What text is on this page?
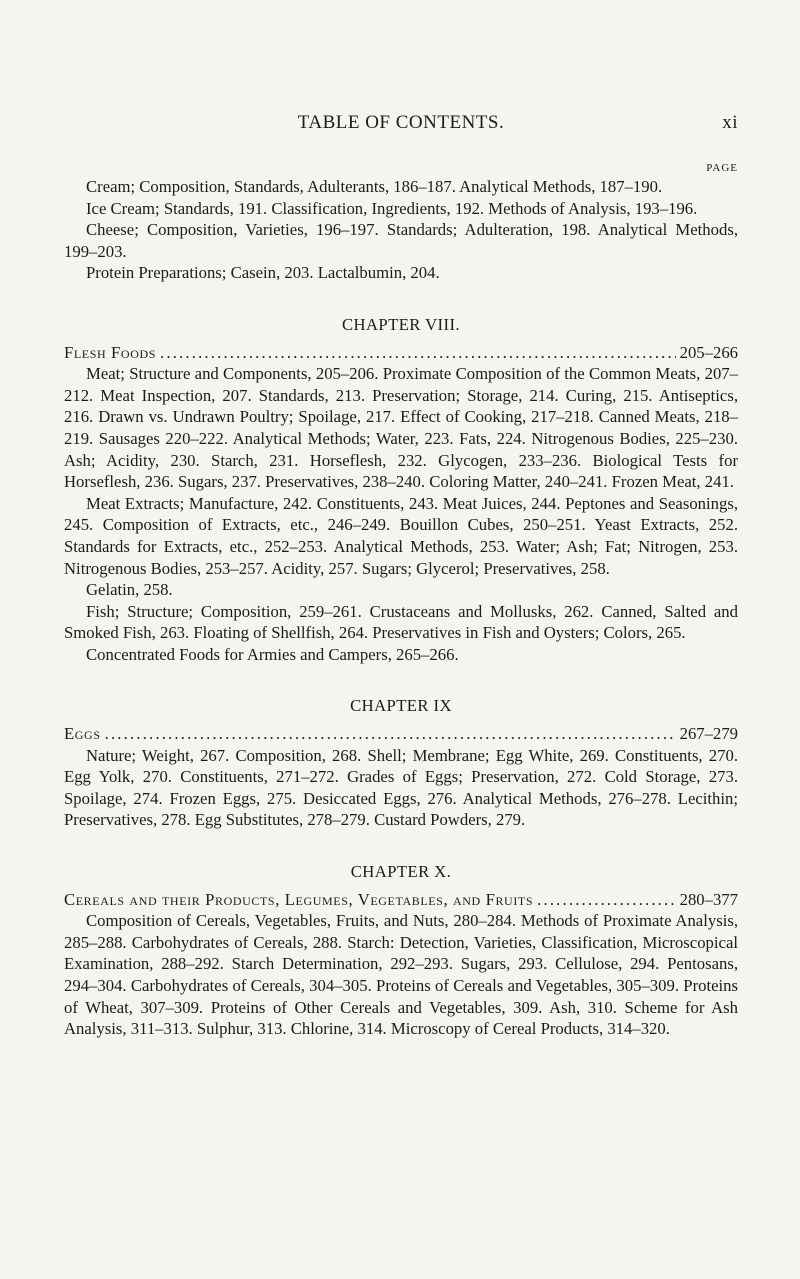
TABLE OF CONTENTS.	xi
PAGE

Cream; Composition, Standards, Adulterants, 186–187. Analytical Methods, 187–190.

Ice Cream; Standards, 191. Classification, Ingredients, 192. Methods of Analysis, 193–196.

Cheese; Composition, Varieties, 196–197. Standards; Adulteration, 198. Analytical Methods, 199–203.

Protein Preparations; Casein, 203. Lactalbumin, 204.

CHAPTER VIII.
Flesh Foods . . .	205–266

Meat; Structure and Components, 205–206. Proximate Composition of the Common Meats, 207–212. Meat Inspection, 207. Standards, 213. Preservation; Storage, 214. Curing, 215. Antiseptics, 216. Drawn vs. Undrawn Poultry; Spoilage, 217. Effect of Cooking, 217–218. Canned Meats, 218–219. Sausages 220–222. Analytical Methods; Water, 223. Fats, 224. Nitrogenous Bodies, 225–230. Ash; Acidity, 230. Starch, 231. Horseflesh, 232. Glycogen, 233–236. Biological Tests for Horseflesh, 236. Sugars, 237. Preservatives, 238–240. Coloring Matter, 240–241. Frozen Meat, 241.

Meat Extracts; Manufacture, 242. Constituents, 243. Meat Juices, 244. Peptones and Seasonings, 245. Composition of Extracts, etc., 246–249. Bouillon Cubes, 250–251. Yeast Extracts, 252. Standards for Extracts, etc., 252–253. Analytical Methods, 253. Water; Ash; Fat; Nitrogen, 253. Nitrogenous Bodies, 253–257. Acidity, 257. Sugars; Glycerol; Preservatives, 258.

Gelatin, 258.

Fish; Structure; Composition, 259–261. Crustaceans and Mollusks, 262. Canned, Salted and Smoked Fish, 263. Floating of Shellfish, 264. Preservatives in Fish and Oysters; Colors, 265.

Concentrated Foods for Armies and Campers, 265–266.

CHAPTER IX
Eggs . . .	267–279

Nature; Weight, 267. Composition, 268. Shell; Membrane; Egg White, 269. Constituents, 270. Egg Yolk, 270. Constituents, 271–272. Grades of Eggs; Preservation, 272. Cold Storage, 273. Spoilage, 274. Frozen Eggs, 275. Desiccated Eggs, 276. Analytical Methods, 276–278. Lecithin; Preservatives, 278. Egg Substitutes, 278–279. Custard Powders, 279.

CHAPTER X.
Cereals and their Products, Legumes, Vegetables, and Fruits . . .	280–377

Composition of Cereals, Vegetables, Fruits, and Nuts, 280–284. Methods of Proximate Analysis, 285–288. Carbohydrates of Cereals, 288. Starch: Detection, Varieties, Classification, Microscopical Examination, 288–292. Starch Determination, 292–293. Sugars, 293. Cellulose, 294. Pentosans, 294–304. Carbohydrates of Cereals, 304–305. Proteins of Cereals and Vegetables, 305–309. Proteins of Wheat, 307–309. Proteins of Other Cereals and Vegetables, 309. Ash, 310. Scheme for Ash Analysis, 311–313. Sulphur, 313. Chlorine, 314. Microscopy of Cereal Products, 314–320.
